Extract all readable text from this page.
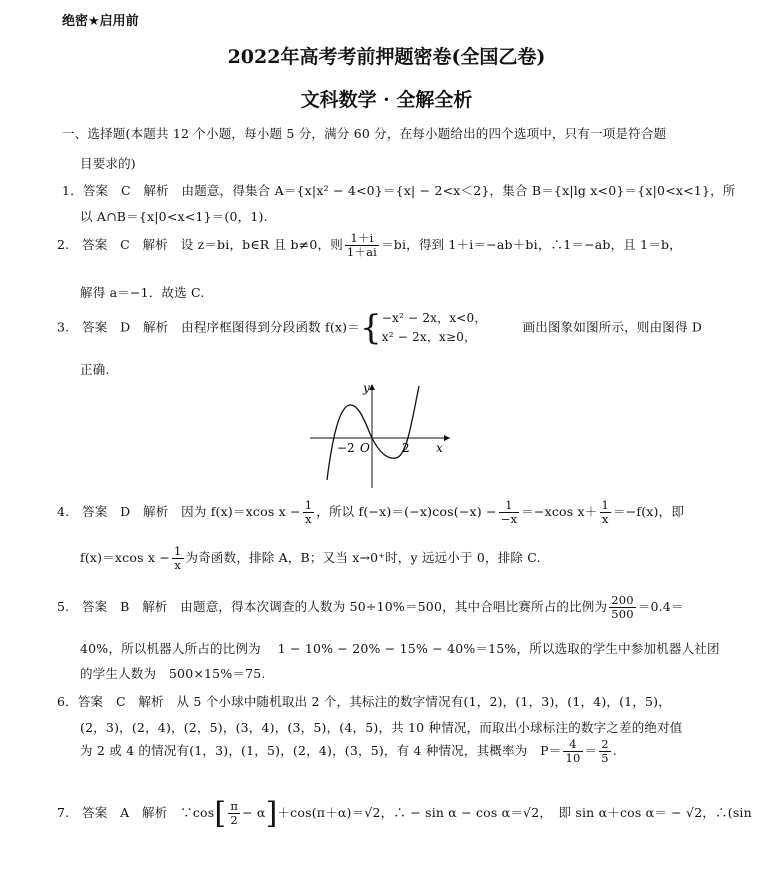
绝密★启用前
2022年高考考前押题密卷(全国乙卷)
文科数学 · 全解全析
一、选择题(本题共 12 个小题，每小题 5 分，满分 60 分，在每小题给出的四个选项中，只有一项是符合题
目要求的)
1．答案　C　解析　由题意，得集合 A＝{x|x² − 4<0}＝{x| − 2<x＜2}，集合 B＝{x|lg x<0}＝{x|0<x<1}，所
以 A∩B＝{x|0<x<1}＝(0，1).
2.　答案　C　解析　设 z＝bi，b∈R 且 b≠0，则 $\frac{1+i}{1+ai} =bi$，得到 1＋i＝−ab＋bi，∴1＝−ab，且 1＝b，
解得 a＝−1．故选 C.
3.　答案　D　解析　由程序框图得到分段函数 f(x)＝{ −x² − 2x，x<0，
x² − 2x，x≥0，
画出图象如图所示，则由图得 D
正确.
y
x
O
−2	2
4.　答案　D　解析　因为 f(x)＝xcos $x - \frac{1}{x}$ ，所以 $f(-x)=(-x)\cos(-x) - \frac{1}{-x} =-xcos$ $x+ \frac{1}{x} =-f(x)$，即
f(x)＝xcos $x - \frac{1}{x}$ 为奇函数，排除 A，B；又当 x→0⁺时，y 远远小于 0，排除 C.
5.　答案　B　解析　由题意，得本次调查的人数为 50÷10%＝500，其中合唱比赛所占的比例为 $\frac{200}{500} =0.4=$
40%，所以机器人所占的比例为　 1 − 10% − 20% − 15% − 40%＝15%，所以选取的学生中参加机器人社团
的学生人数为　500×15%＝75.
6．答案　C　解析　从 5 个小球中随机取出 2 个，其标注的数字情况有(1，2)，(1，3)，(1，4)，(1，5)，
(2，3)，(2，4)，(2，5)，(3，4)，(3，5)，(4，5)，共 10 种情况，而取出小球标注的数字之差的绝对值
为 2 或 4 的情况有(1，3)，(1，5)，(2，4)，(3，5)，有 4 种情况，其概率为　$P= \frac{4}{10} = \frac{2}{5}$ .
7.　答案　A　解析　∵cos[ $\frac{\pi}{2} - \alpha]+\cos(\pi+\alpha)=√2$，∴ − sin α − cos α＝√2，　即 sin α＋cos α＝ − √2，∴(sin
